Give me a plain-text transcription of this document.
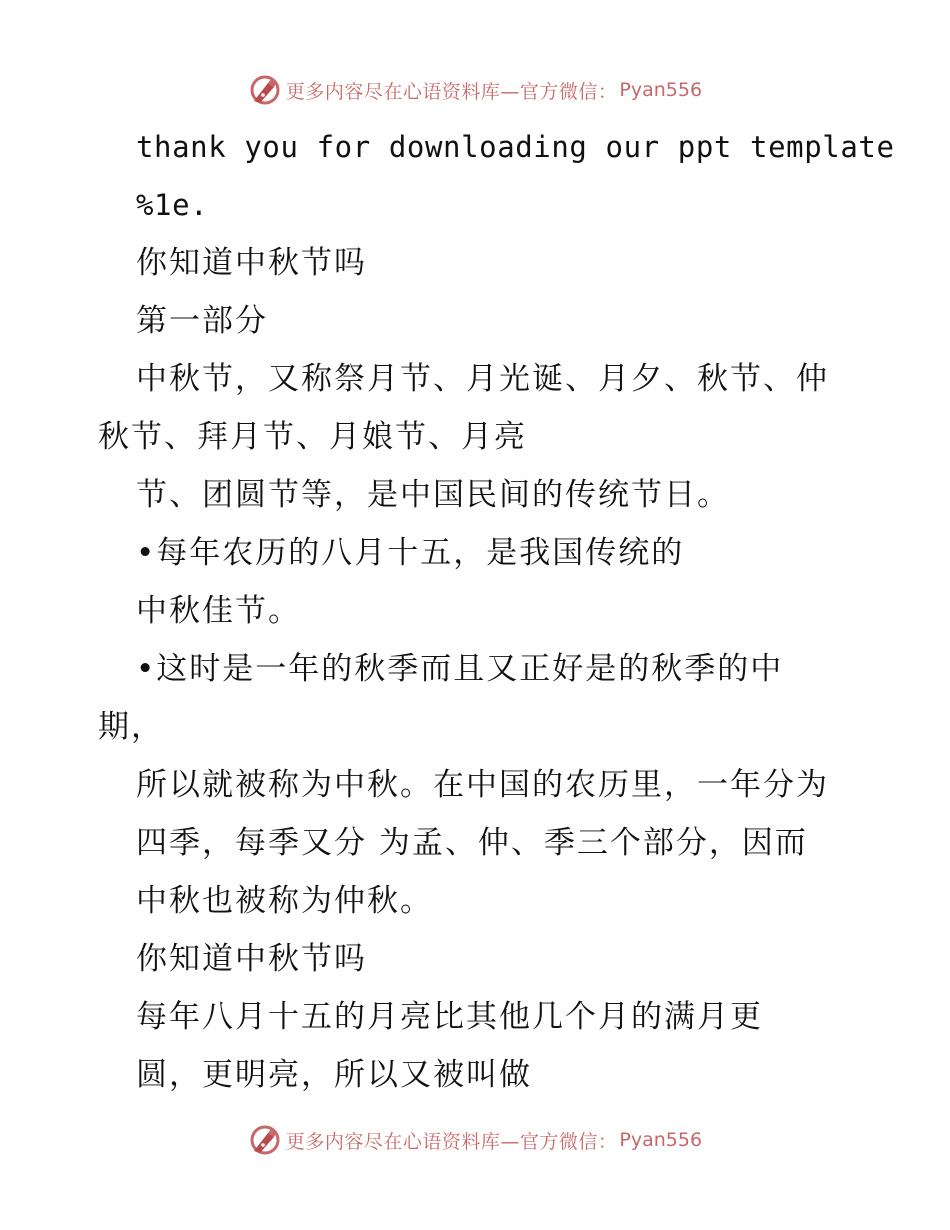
更多内容尽在心语资料库—官方微信： Pyan556
thank you for downloading our ppt template
%1e.
你知道中秋节吗
第一部分
中秋节，又称祭月节、月光诞、月夕、秋节、仲
秋节、拜月节、月娘节、月亮
节、团圆节等，是中国民间的传统节日。
•每年农历的八月十五，是我国传统的
中秋佳节。
•这时是一年的秋季而且又正好是的秋季的中
期，
所以就被称为中秋。在中国的农历里，一年分为
四季，每季又分 为孟、仲、季三个部分，因而
中秋也被称为仲秋。
你知道中秋节吗
每年八月十五的月亮比其他几个月的满月更
圆，更明亮，所以又被叫做
更多内容尽在心语资料库—官方微信： Pyan556
